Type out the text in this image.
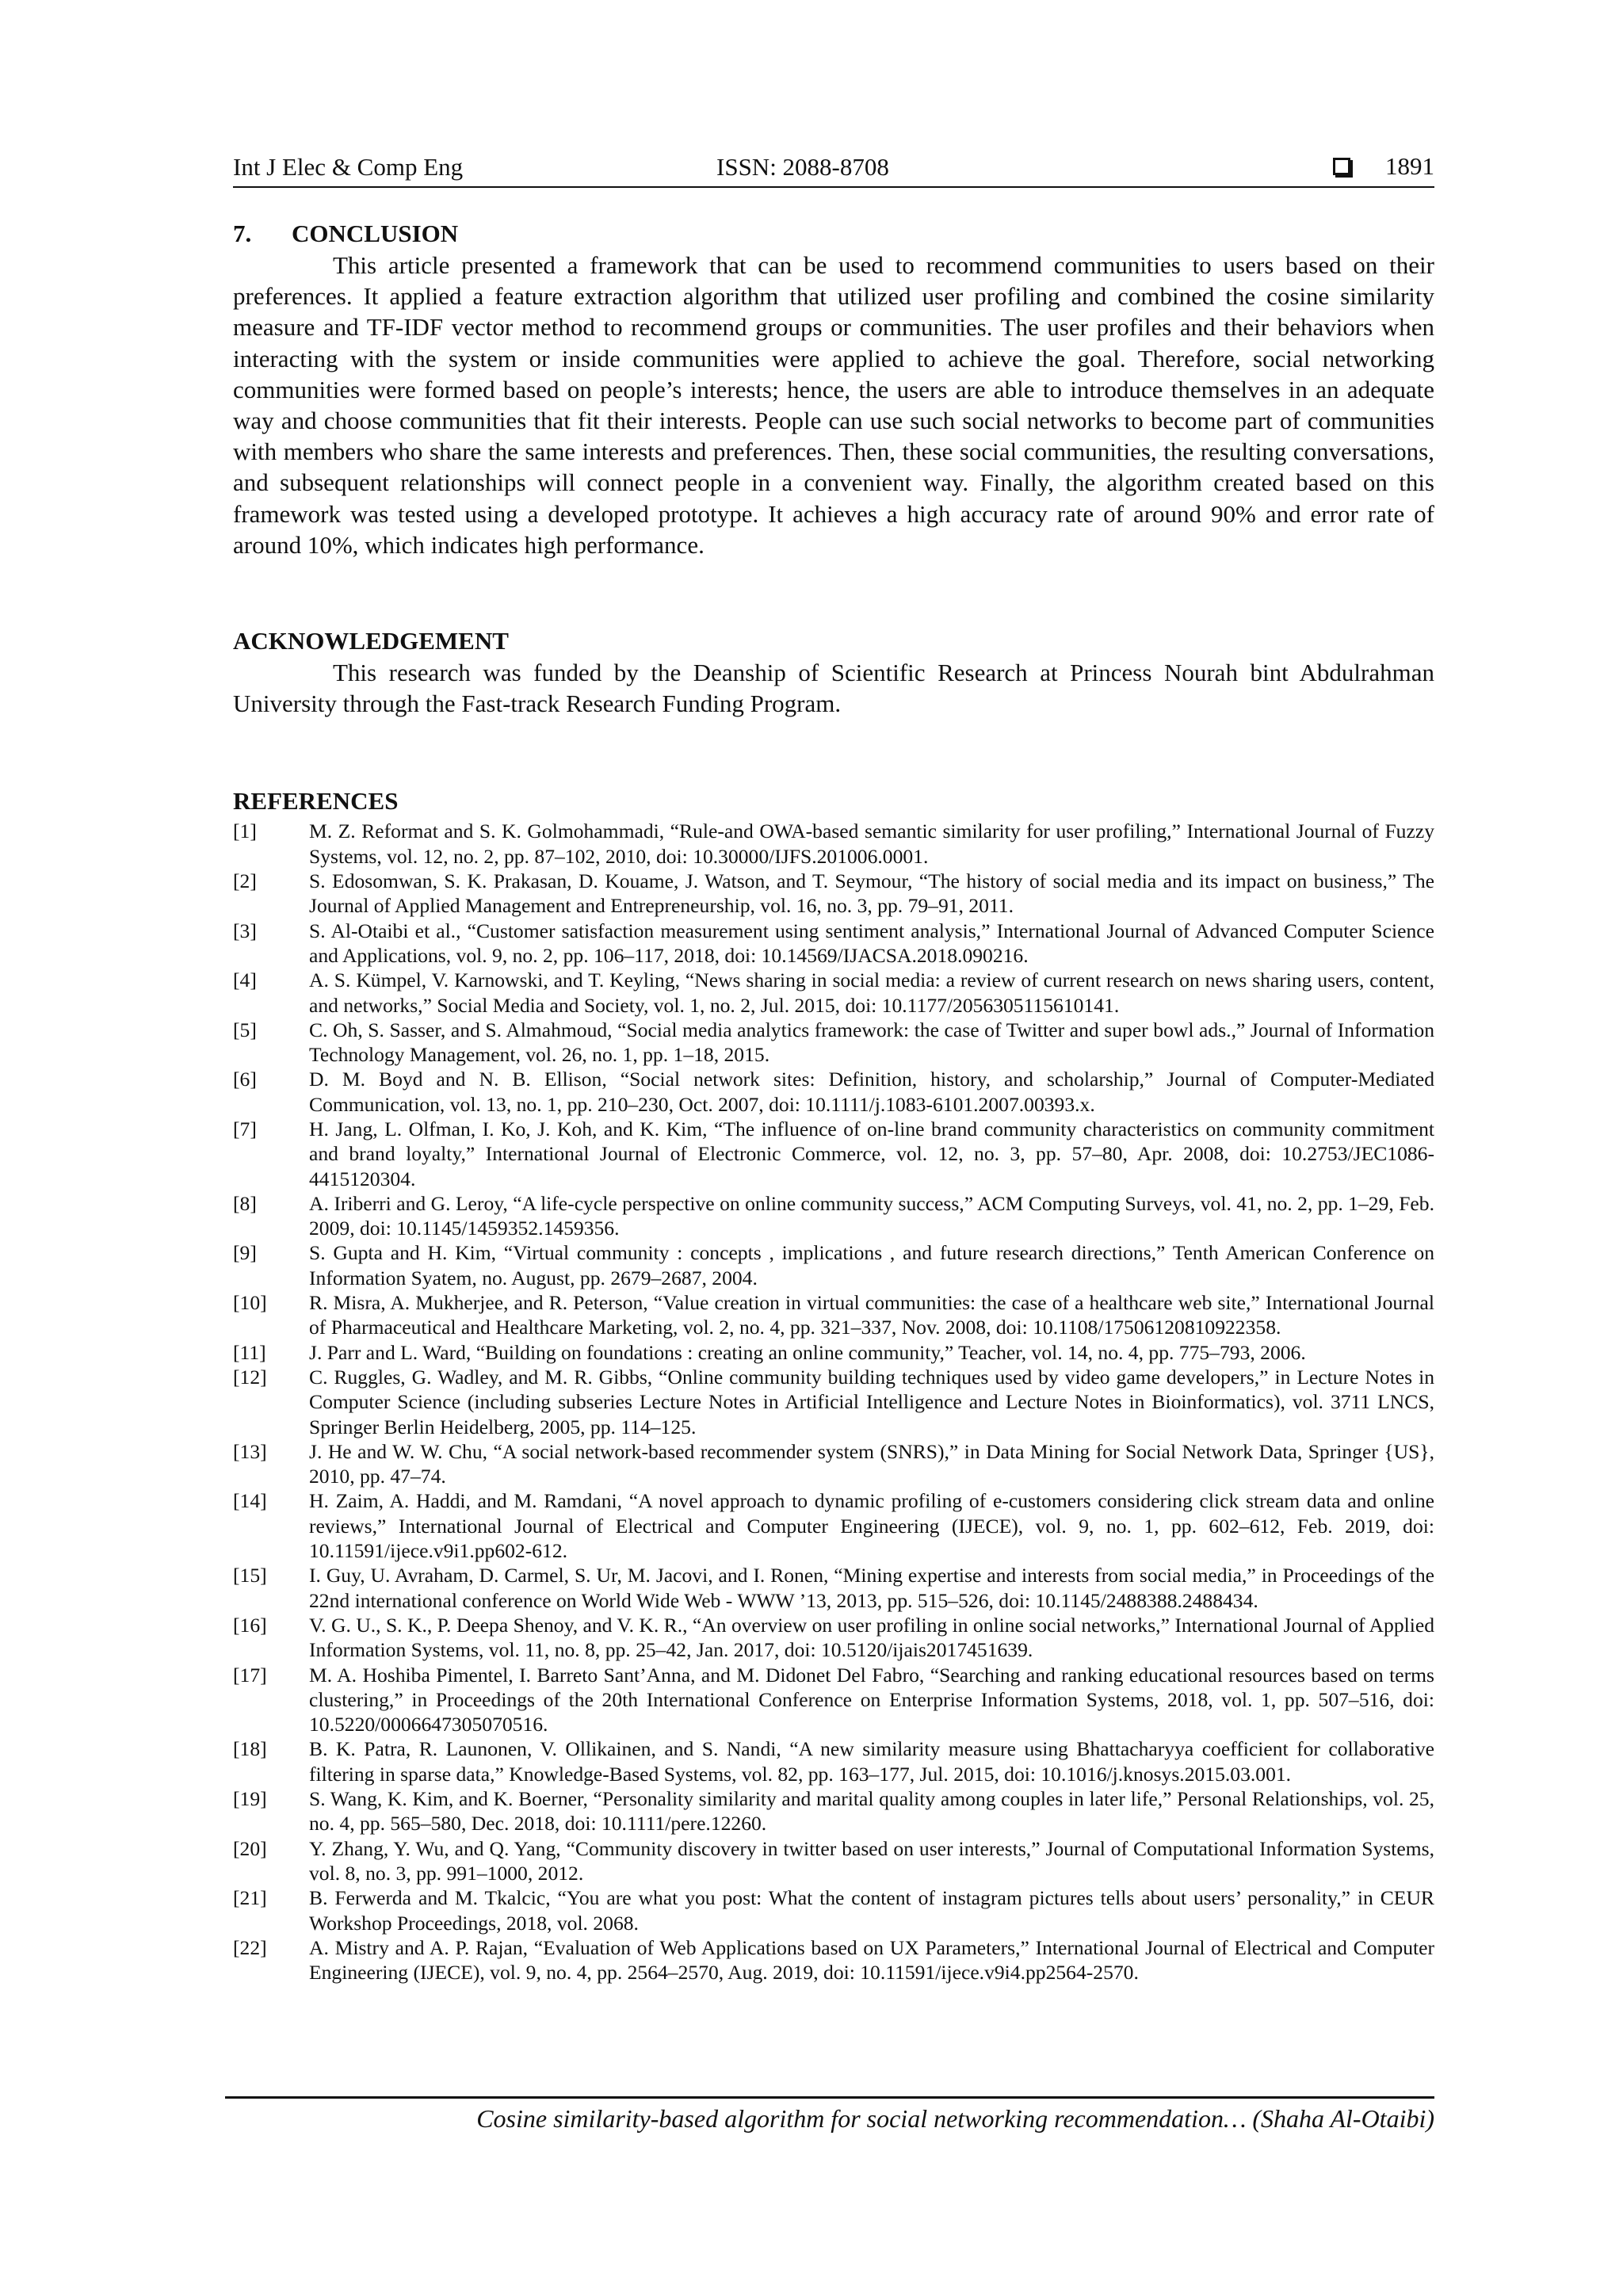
Int J Elec & Comp Eng	ISSN: 2088-8708	1891
7. CONCLUSION

This article presented a framework that can be used to recommend communities to users based on their preferences. It applied a feature extraction algorithm that utilized user profiling and combined the cosine similarity measure and TF-IDF vector method to recommend groups or communities. The user profiles and their behaviors when interacting with the system or inside communities were applied to achieve the goal. Therefore, social networking communities were formed based on people’s interests; hence, the users are able to introduce themselves in an adequate way and choose communities that fit their interests. People can use such social networks to become part of communities with members who share the same interests and preferences. Then, these social communities, the resulting conversations, and subsequent relationships will connect people in a convenient way. Finally, the algorithm created based on this framework was tested using a developed prototype. It achieves a high accuracy rate of around 90% and error rate of around 10%, which indicates high performance.

ACKNOWLEDGEMENT

This research was funded by the Deanship of Scientific Research at Princess Nourah bint Abdulrahman University through the Fast-track Research Funding Program.

REFERENCES
[1]	M. Z. Reformat and S. K. Golmohammadi, “Rule-and OWA-based semantic similarity for user profiling,” International Journal of Fuzzy Systems, vol. 12, no. 2, pp. 87–102, 2010, doi: 10.30000/IJFS.201006.0001.
[2]	S. Edosomwan, S. K. Prakasan, D. Kouame, J. Watson, and T. Seymour, “The history of social media and its impact on business,” The Journal of Applied Management and Entrepreneurship, vol. 16, no. 3, pp. 79–91, 2011.
[3]	S. Al-Otaibi et al., “Customer satisfaction measurement using sentiment analysis,” International Journal of Advanced Computer Science and Applications, vol. 9, no. 2, pp. 106–117, 2018, doi: 10.14569/IJACSA.2018.090216.
[4]	A. S. Kümpel, V. Karnowski, and T. Keyling, “News sharing in social media: a review of current research on news sharing users, content, and networks,” Social Media and Society, vol. 1, no. 2, Jul. 2015, doi: 10.1177/2056305115610141.
[5]	C. Oh, S. Sasser, and S. Almahmoud, “Social media analytics framework: the case of Twitter and super bowl ads.,” Journal of Information Technology Management, vol. 26, no. 1, pp. 1–18, 2015.
[6]	D. M. Boyd and N. B. Ellison, “Social network sites: Definition, history, and scholarship,” Journal of Computer-Mediated Communication, vol. 13, no. 1, pp. 210–230, Oct. 2007, doi: 10.1111/j.1083-6101.2007.00393.x.
[7]	H. Jang, L. Olfman, I. Ko, J. Koh, and K. Kim, “The influence of on-line brand community characteristics on community commitment and brand loyalty,” International Journal of Electronic Commerce, vol. 12, no. 3, pp. 57–80, Apr. 2008, doi: 10.2753/JEC1086-4415120304.
[8]	A. Iriberri and G. Leroy, “A life-cycle perspective on online community success,” ACM Computing Surveys, vol. 41, no. 2, pp. 1–29, Feb. 2009, doi: 10.1145/1459352.1459356.
[9]	S. Gupta and H. Kim, “Virtual community : concepts , implications , and future research directions,” Tenth American Conference on Information Syatem, no. August, pp. 2679–2687, 2004.
[10]	R. Misra, A. Mukherjee, and R. Peterson, “Value creation in virtual communities: the case of a healthcare web site,” International Journal of Pharmaceutical and Healthcare Marketing, vol. 2, no. 4, pp. 321–337, Nov. 2008, doi: 10.1108/17506120810922358.
[11]	J. Parr and L. Ward, “Building on foundations : creating an online community,” Teacher, vol. 14, no. 4, pp. 775–793, 2006.
[12]	C. Ruggles, G. Wadley, and M. R. Gibbs, “Online community building techniques used by video game developers,” in Lecture Notes in Computer Science (including subseries Lecture Notes in Artificial Intelligence and Lecture Notes in Bioinformatics), vol. 3711 LNCS, Springer Berlin Heidelberg, 2005, pp. 114–125.
[13]	J. He and W. W. Chu, “A social network-based recommender system (SNRS),” in Data Mining for Social Network Data, Springer {US}, 2010, pp. 47–74.
[14]	H. Zaim, A. Haddi, and M. Ramdani, “A novel approach to dynamic profiling of e-customers considering click stream data and online reviews,” International Journal of Electrical and Computer Engineering (IJECE), vol. 9, no. 1, pp. 602–612, Feb. 2019, doi: 10.11591/ijece.v9i1.pp602-612.
[15]	I. Guy, U. Avraham, D. Carmel, S. Ur, M. Jacovi, and I. Ronen, “Mining expertise and interests from social media,” in Proceedings of the 22nd international conference on World Wide Web - WWW ’13, 2013, pp. 515–526, doi: 10.1145/2488388.2488434.
[16]	V. G. U., S. K., P. Deepa Shenoy, and V. K. R., “An overview on user profiling in online social networks,” International Journal of Applied Information Systems, vol. 11, no. 8, pp. 25–42, Jan. 2017, doi: 10.5120/ijais2017451639.
[17]	M. A. Hoshiba Pimentel, I. Barreto Sant’Anna, and M. Didonet Del Fabro, “Searching and ranking educational resources based on terms clustering,” in Proceedings of the 20th International Conference on Enterprise Information Systems, 2018, vol. 1, pp. 507–516, doi: 10.5220/0006647305070516.
[18]	B. K. Patra, R. Launonen, V. Ollikainen, and S. Nandi, “A new similarity measure using Bhattacharyya coefficient for collaborative filtering in sparse data,” Knowledge-Based Systems, vol. 82, pp. 163–177, Jul. 2015, doi: 10.1016/j.knosys.2015.03.001.
[19]	S. Wang, K. Kim, and K. Boerner, “Personality similarity and marital quality among couples in later life,” Personal Relationships, vol. 25, no. 4, pp. 565–580, Dec. 2018, doi: 10.1111/pere.12260.
[20]	Y. Zhang, Y. Wu, and Q. Yang, “Community discovery in twitter based on user interests,” Journal of Computational Information Systems, vol. 8, no. 3, pp. 991–1000, 2012.
[21]	B. Ferwerda and M. Tkalcic, “You are what you post: What the content of instagram pictures tells about users’ personality,” in CEUR Workshop Proceedings, 2018, vol. 2068.
[22]	A. Mistry and A. P. Rajan, “Evaluation of Web Applications based on UX Parameters,” International Journal of Electrical and Computer Engineering (IJECE), vol. 9, no. 4, pp. 2564–2570, Aug. 2019, doi: 10.11591/ijece.v9i4.pp2564-2570.
Cosine similarity-based algorithm for social networking recommendation… (Shaha Al-Otaibi)
